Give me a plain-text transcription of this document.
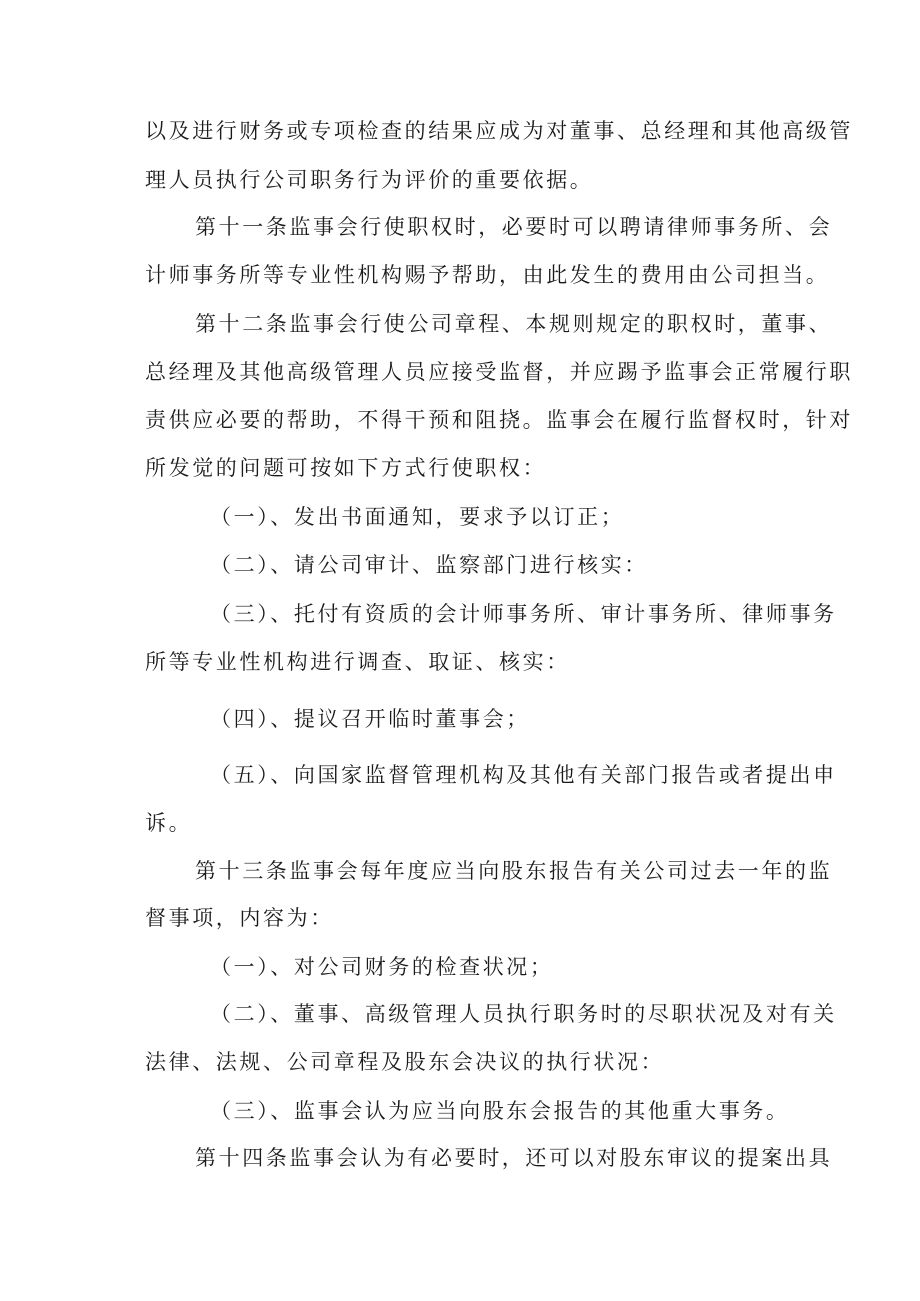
以及进行财务或专项检查的结果应成为对董事、总经理和其他高级管
理人员执行公司职务行为评价的重要依据。
第十一条监事会行使职权时，必要时可以聘请律师事务所、会
计师事务所等专业性机构赐予帮助，由此发生的费用由公司担当。
第十二条监事会行使公司章程、本规则规定的职权时，董事、
总经理及其他高级管理人员应接受监督，并应踢予监事会正常履行职
责供应必要的帮助，不得干预和阻挠。监事会在履行监督权时，针对
所发觉的问题可按如下方式行使职权：
（一）、发出书面通知，要求予以订正；
（二）、请公司审计、监察部门进行核实：
（三）、托付有资质的会计师事务所、审计事务所、律师事务
所等专业性机构进行调查、取证、核实：
（四）、提议召开临时董事会；
（五）、向国家监督管理机构及其他有关部门报告或者提出申
诉。
第十三条监事会每年度应当向股东报告有关公司过去一年的监
督事项，内容为：
（一）、对公司财务的检查状况；
（二）、董事、高级管理人员执行职务时的尽职状况及对有关
法律、法规、公司章程及股东会决议的执行状况：
（三）、监事会认为应当向股东会报告的其他重大事务。
第十四条监事会认为有必要时，还可以对股东审议的提案出具
